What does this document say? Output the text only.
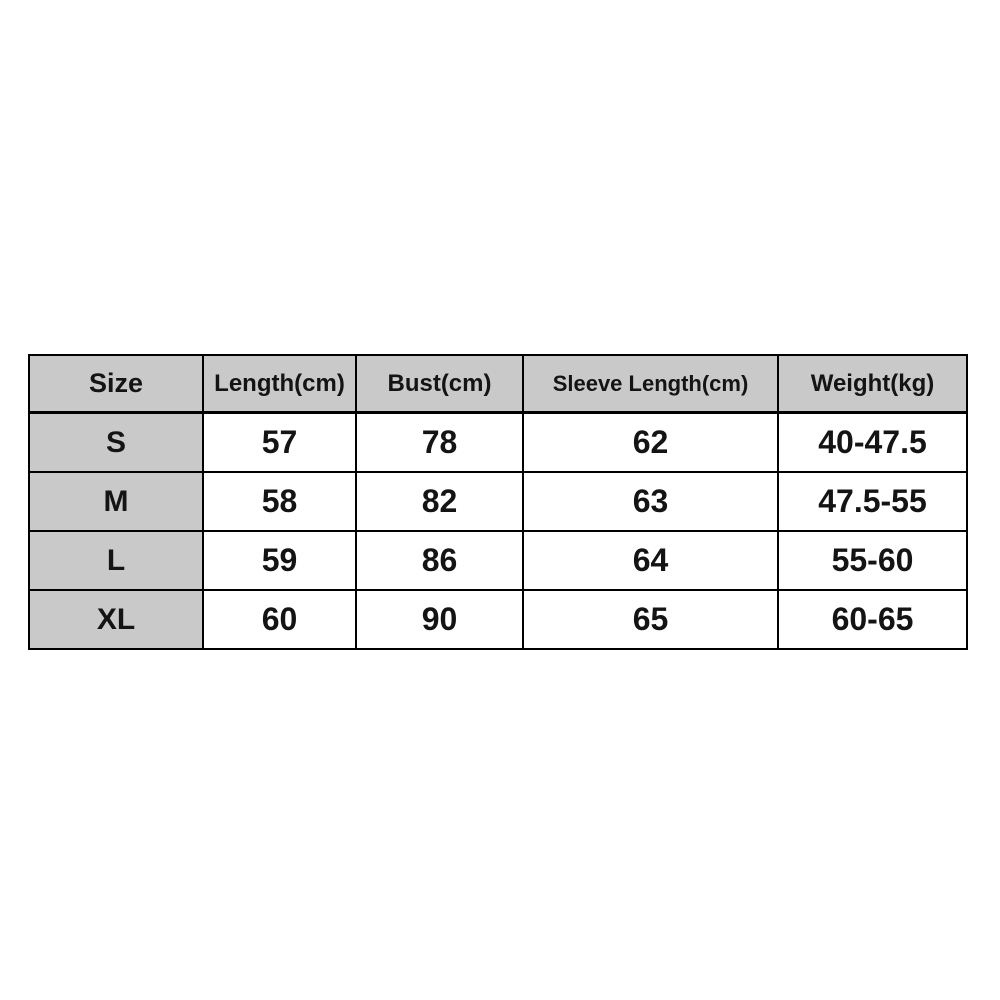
Size	Length(cm)	Bust(cm)	Sleeve Length(cm)	Weight(kg)
S	57	78	62	40-47.5
M	58	82	63	47.5-55
L	59	86	64	55-60
XL	60	90	65	60-65
